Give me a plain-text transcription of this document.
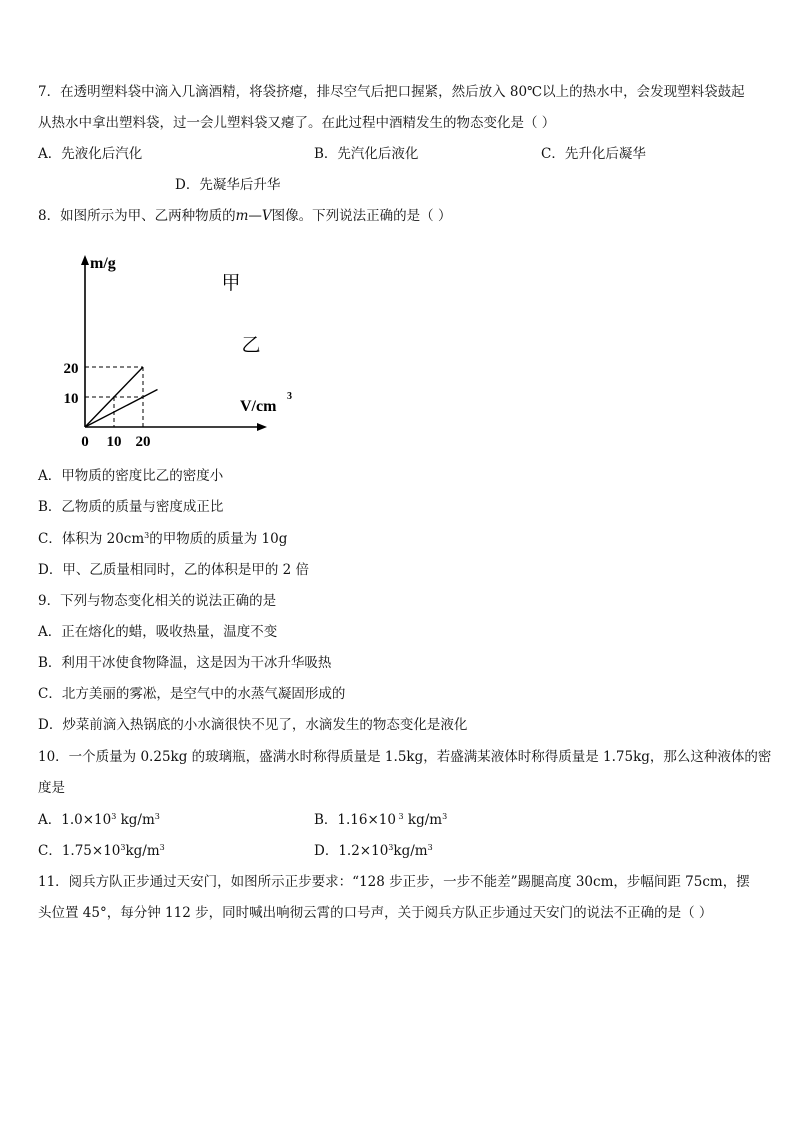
7．在透明塑料袋中滴入几滴酒精，将袋挤瘪，排尽空气后把口握紧，然后放入 80℃以上的热水中，会发现塑料袋鼓起
从热水中拿出塑料袋，过一会儿塑料袋又瘪了。在此过程中酒精发生的物态变化是（ ）
A．先液化后汽化	B．先汽化后液化	C．先升化后凝华
D．先凝华后升华
8．如图所示为甲、乙两种物质的m—V图像。下列说法正确的是（ ）
0 10 20
10
20
m/g
V/cm
3
甲
乙
A．甲物质的密度比乙的密度小
B．乙物质的质量与密度成正比
C．体积为 $20cm^3$的甲物质的质量为 10g
D．甲、乙质量相同时，乙的体积是甲的 2 倍
9．下列与物态变化相关的说法正确的是
A．正在熔化的蜡，吸收热量，温度不变
B．利用干冰使食物降温，这是因为干冰升华吸热
C．北方美丽的雾凇，是空气中的水蒸气凝固形成的
D．炒菜前滴入热锅底的小水滴很快不见了，水滴发生的物态变化是液化
10．一个质量为 0.25kg 的玻璃瓶，盛满水时称得质量是 1.5kg，若盛满某液体时称得质量是 1.75kg，那么这种液体的密
度是
A．$1.0\times 10^3$ $kg/m^3$	B．1.16×10 $^3$ $kg/m^3$
C．$1.75\times 10^3kg/m^3$	D．$1.2\times 10^3kg/m^3$
11．阅兵方队正步通过天安门，如图所示正步要求：“128 步正步，一步不能差”踢腿高度 30cm，步幅间距 75cm，摆
头位置 45°，每分钟 112 步，同时喊出响彻云霄的口号声，关于阅兵方队正步通过天安门的说法不正确的是（ ）
